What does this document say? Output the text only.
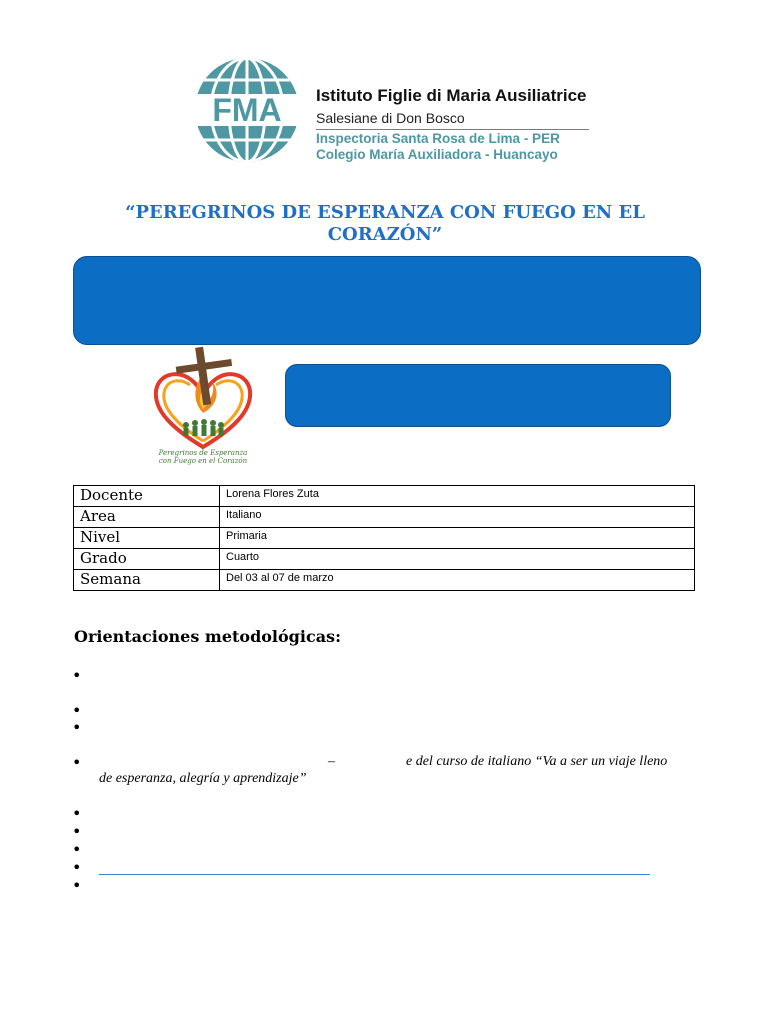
FMA Istituto Figlie di Maria Ausiliatrice
Salesiane di Don Bosco
Inspectoria Santa Rosa de Lima - PER
Colegio María Auxiliadora - Huancayo
“PEREGRINOS DE ESPERANZA CON FUEGO EN EL CORAZÓN”
Peregrinos de Esperanza
con Fuego en el Corazón
Docente	Lorena Flores Zuta
Area	Italiano
Nivel	Primaria
Grado	Cuarto
Semana	Del 03 al 07 de marzo
Orientaciones metodológicas:
•
•
•
•	–	e del curso de italiano “Va a ser un viaje lleno
de esperanza, alegría y aprendizaje”
•
•
•
•
•
